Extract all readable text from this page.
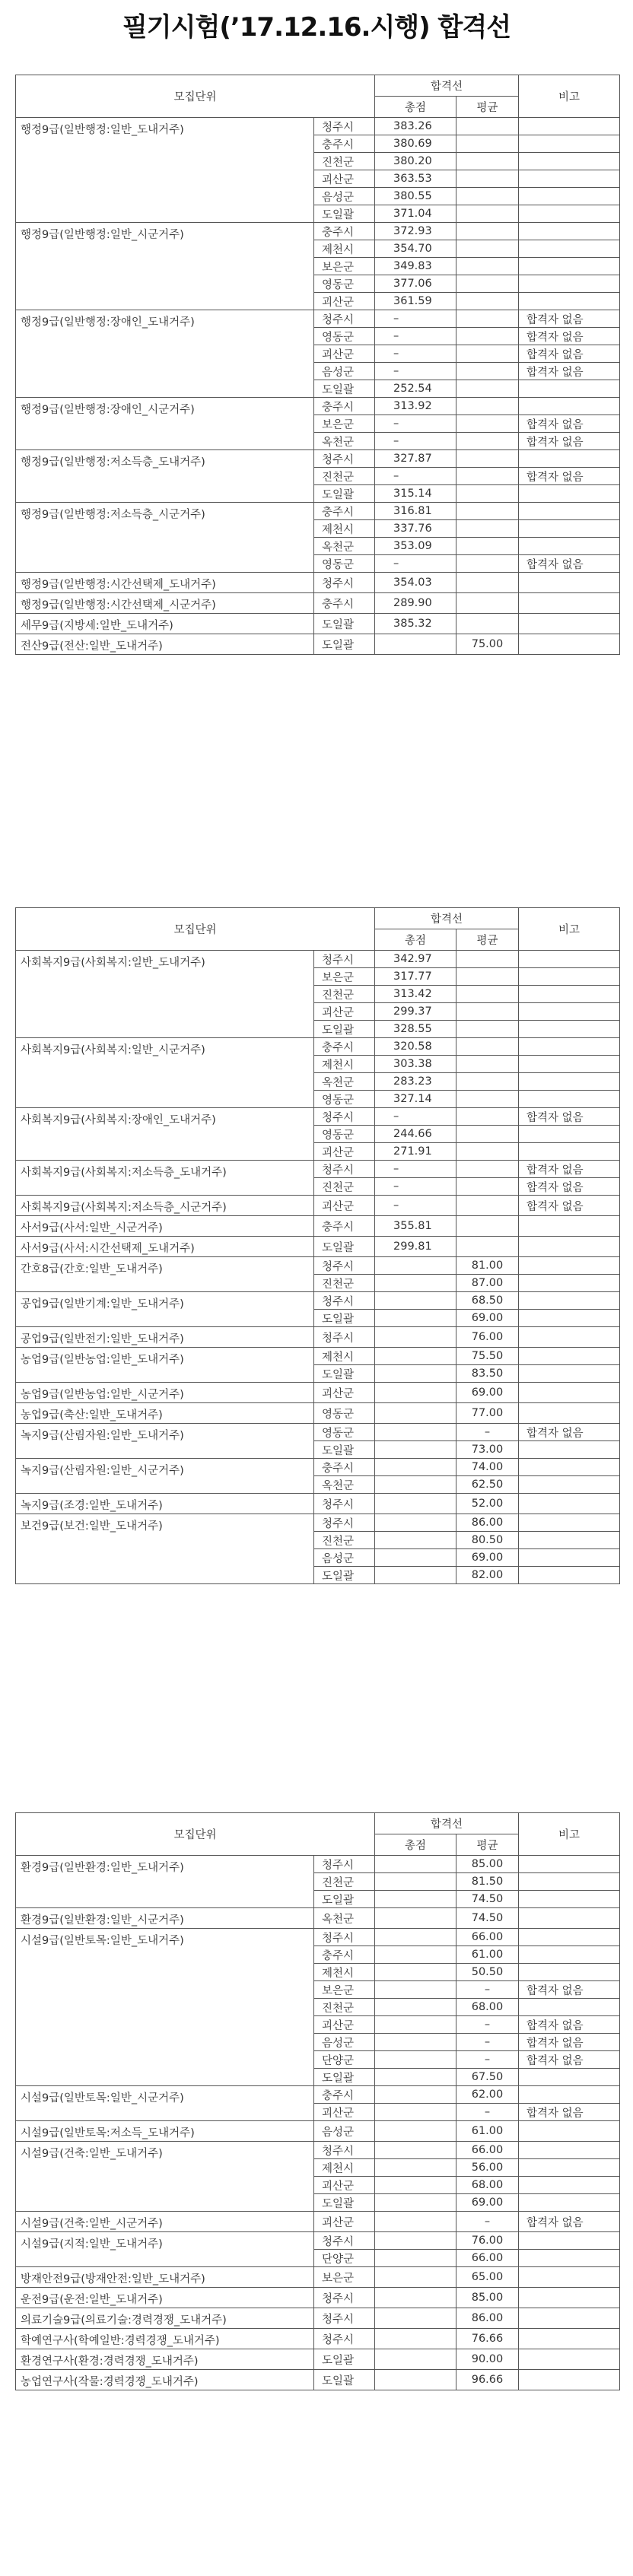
필기시험(’17.12.16.시행) 합격선
모집단위		합격선		비고
		총점	평균	
행정9급(일반행정:일반_도내거주)	청주시	383.26		
	충주시	380.69		
	진천군	380.20		
	괴산군	363.53		
	음성군	380.55		
	도일괄	371.04		
행정9급(일반행정:일반_시군거주)	충주시	372.93		
	제천시	354.70		
	보은군	349.83		
	영동군	377.06		
	괴산군	361.59		
행정9급(일반행정:장애인_도내거주)	청주시	–		합격자 없음
	영동군	–		합격자 없음
	괴산군	–		합격자 없음
	음성군	–		합격자 없음
	도일괄	252.54		
행정9급(일반행정:장애인_시군거주)	충주시	313.92		
	보은군	–		합격자 없음
	옥천군	–		합격자 없음
행정9급(일반행정:저소득층_도내거주)	청주시	327.87		
	진천군	–		합격자 없음
	도일괄	315.14		
행정9급(일반행정:저소득층_시군거주)	충주시	316.81		
	제천시	337.76		
	옥천군	353.09		
	영동군	–		합격자 없음
행정9급(일반행정:시간선택제_도내거주)	청주시	354.03		
행정9급(일반행정:시간선택제_시군거주)	충주시	289.90		
세무9급(지방세:일반_도내거주)	도일괄	385.32		
전산9급(전산:일반_도내거주)	도일괄		75.00	
모집단위		합격선		비고
		총점	평균	
사회복지9급(사회복지:일반_도내거주)	청주시	342.97		
	보은군	317.77		
	진천군	313.42		
	괴산군	299.37		
	도일괄	328.55		
사회복지9급(사회복지:일반_시군거주)	충주시	320.58		
	제천시	303.38		
	옥천군	283.23		
	영동군	327.14		
사회복지9급(사회복지:장애인_도내거주)	청주시	–		합격자 없음
	영동군	244.66		
	괴산군	271.91		
사회복지9급(사회복지:저소득층_도내거주)	청주시	–		합격자 없음
	진천군	–		합격자 없음
사회복지9급(사회복지:저소득층_시군거주)	괴산군	–		합격자 없음
사서9급(사서:일반_시군거주)	충주시	355.81		
사서9급(사서:시간선택제_도내거주)	도일괄	299.81		
간호8급(간호:일반_도내거주)	청주시		81.00	
	진천군		87.00	
공업9급(일반기계:일반_도내거주)	청주시		68.50	
	도일괄		69.00	
공업9급(일반전기:일반_도내거주)	청주시		76.00	
농업9급(일반농업:일반_도내거주)	제천시		75.50	
	도일괄		83.50	
농업9급(일반농업:일반_시군거주)	괴산군		69.00	
농업9급(축산:일반_도내거주)	영동군		77.00	
녹지9급(산림자원:일반_도내거주)	영동군		–	합격자 없음
	도일괄		73.00	
녹지9급(산림자원:일반_시군거주)	충주시		74.00	
	옥천군		62.50	
녹지9급(조경:일반_도내거주)	청주시		52.00	
보건9급(보건:일반_도내거주)	청주시		86.00	
	진천군		80.50	
	음성군		69.00	
	도일괄		82.00	
모집단위		합격선		비고
		총점	평균	
환경9급(일반환경:일반_도내거주)	청주시		85.00	
	진천군		81.50	
	도일괄		74.50	
환경9급(일반환경:일반_시군거주)	옥천군		74.50	
시설9급(일반토목:일반_도내거주)	청주시		66.00	
	충주시		61.00	
	제천시		50.50	
	보은군		–	합격자 없음
	진천군		68.00	
	괴산군		–	합격자 없음
	음성군		–	합격자 없음
	단양군		–	합격자 없음
	도일괄		67.50	
시설9급(일반토목:일반_시군거주)	충주시		62.00	
	괴산군		–	합격자 없음
시설9급(일반토목:저소득_도내거주)	음성군		61.00	
시설9급(건축:일반_도내거주)	청주시		66.00	
	제천시		56.00	
	괴산군		68.00	
	도일괄		69.00	
시설9급(건축:일반_시군거주)	괴산군		–	합격자 없음
시설9급(지적:일반_도내거주)	청주시		76.00	
	단양군		66.00	
방재안전9급(방재안전:일반_도내거주)	보은군		65.00	
운전9급(운전:일반_도내거주)	청주시		85.00	
의료기술9급(의료기술:경력경쟁_도내거주)	청주시		86.00	
학예연구사(학예일반:경력경쟁_도내거주)	청주시		76.66	
환경연구사(환경:경력경쟁_도내거주)	도일괄		90.00	
농업연구사(작물:경력경쟁_도내거주)	도일괄		96.66	
